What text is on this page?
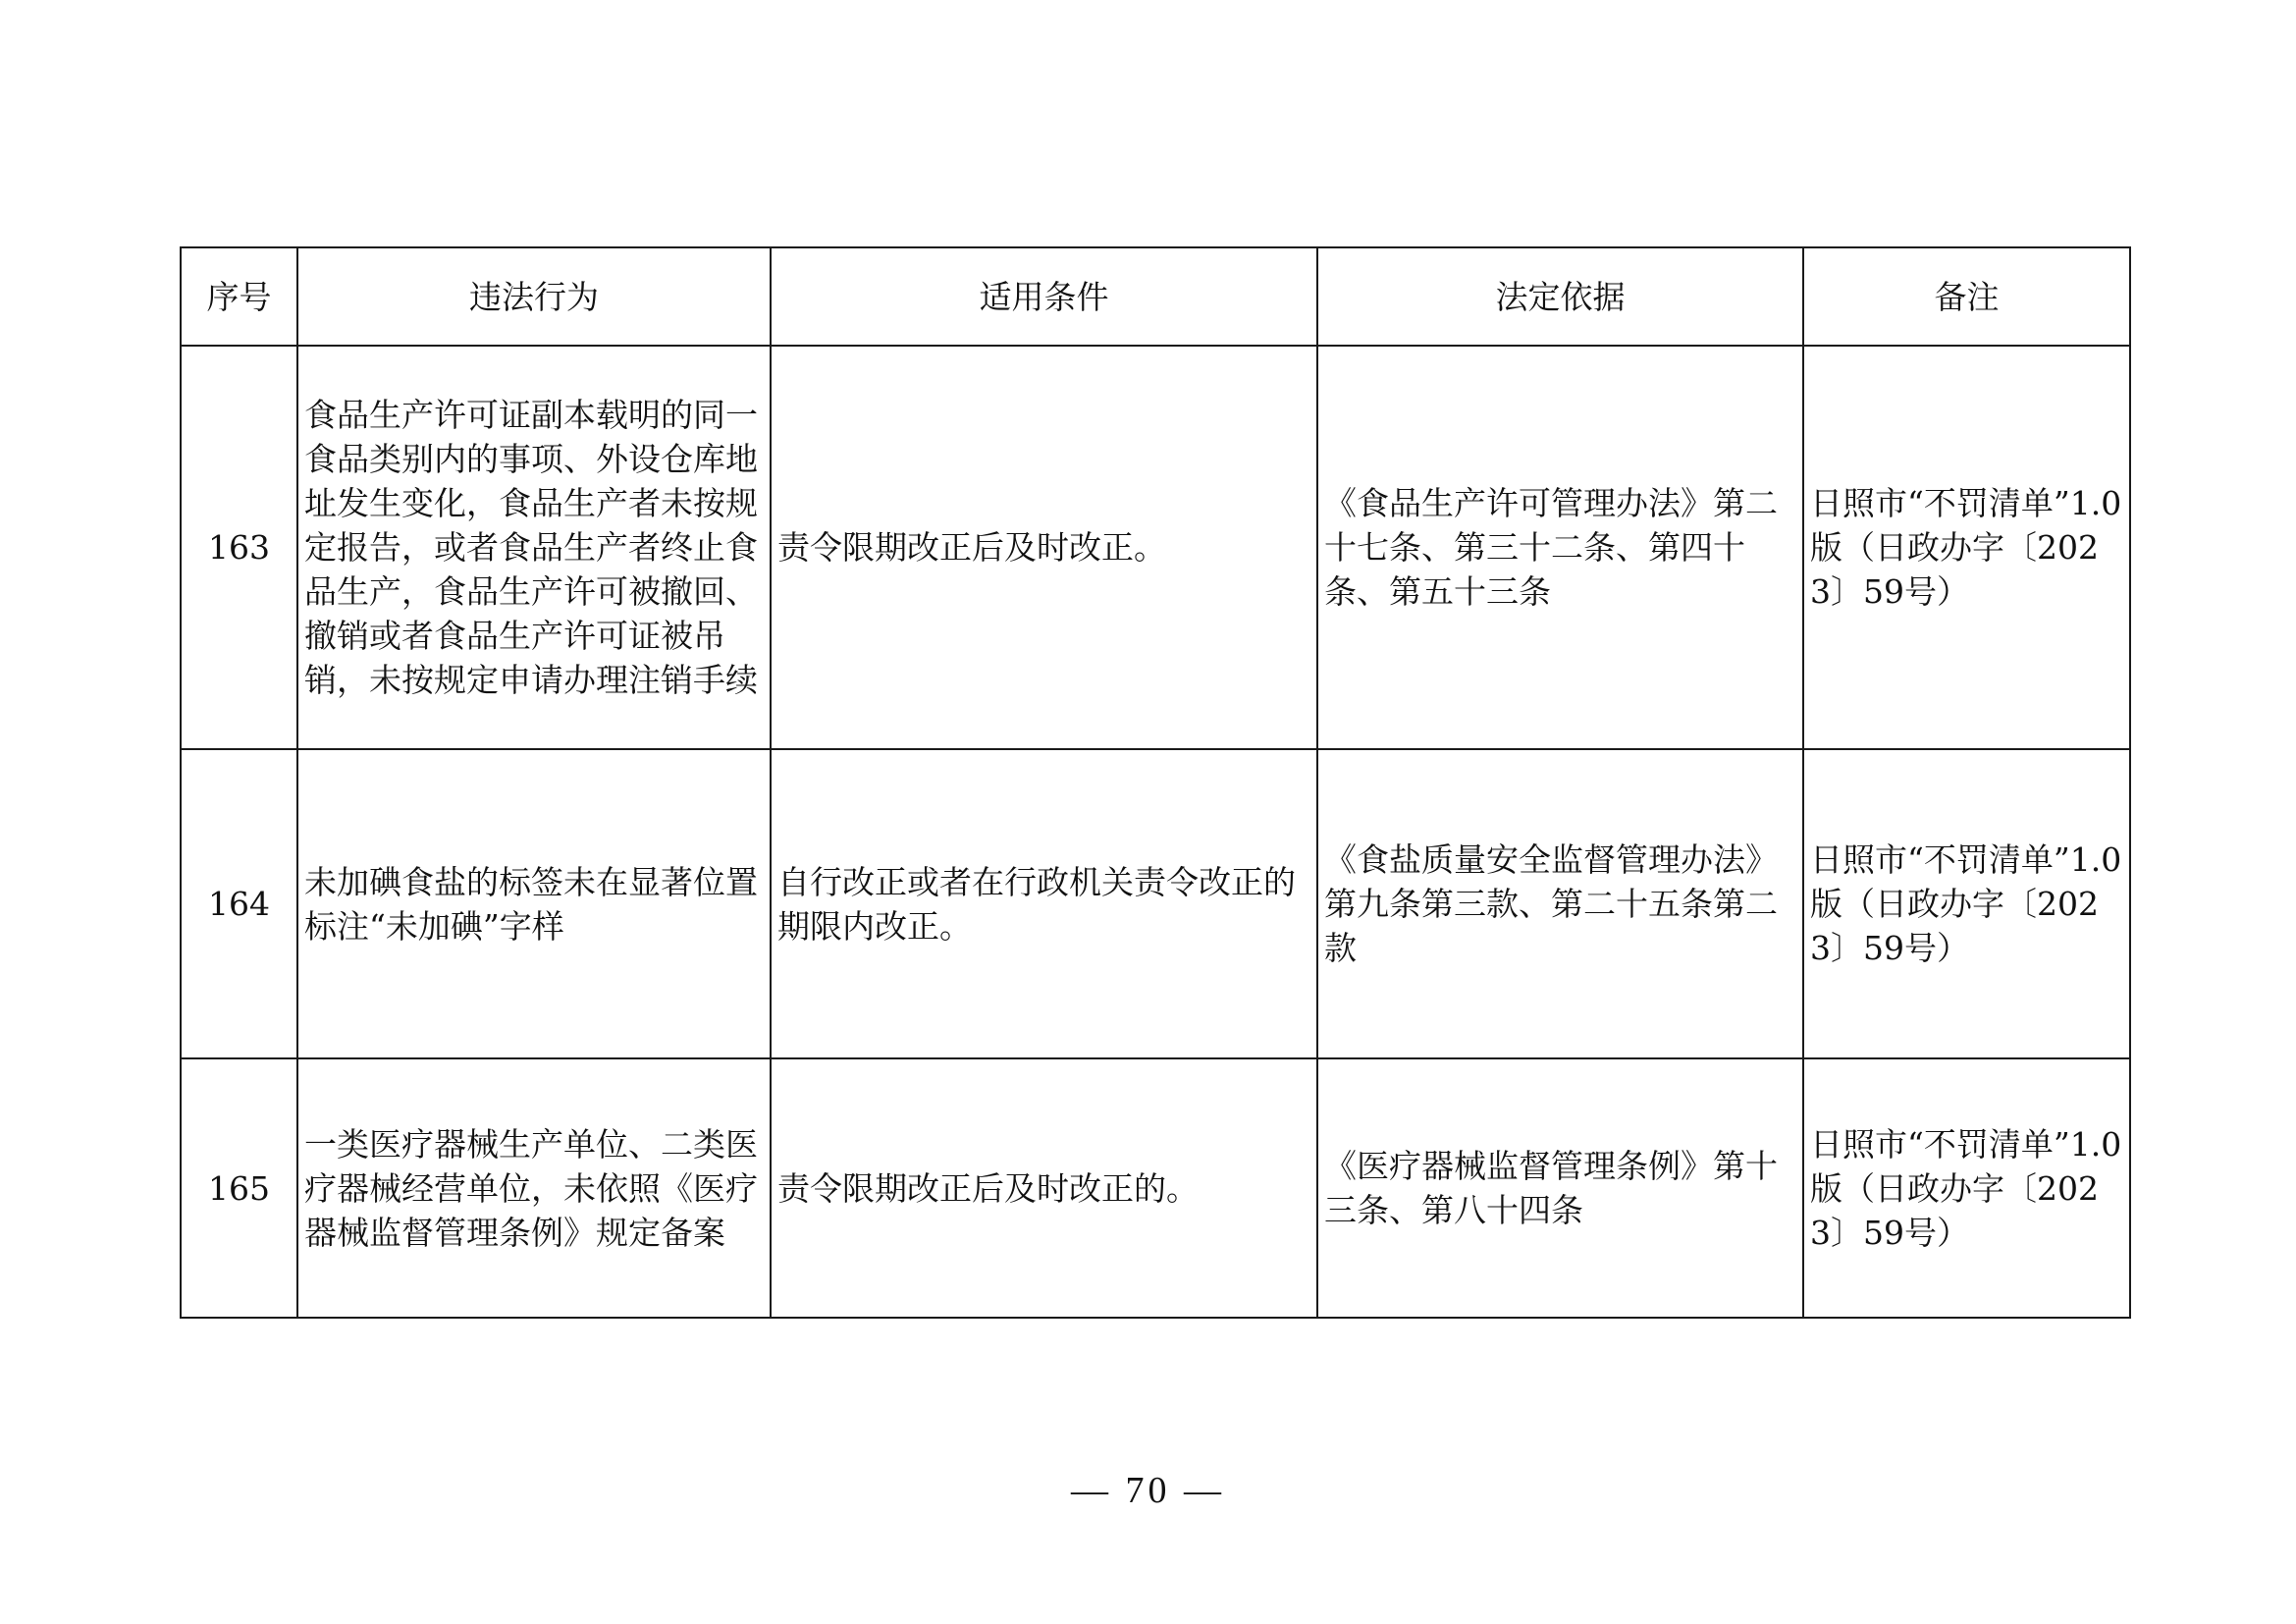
序号	违法行为	适用条件	法定依据	备注
163	食品生产许可证副本载明的同一食品类别内的事项、外设仓库地址发生变化，食品生产者未按规定报告，或者食品生产者终止食品生产，食品生产许可被撤回、撤销或者食品生产许可证被吊销，未按规定申请办理注销手续	责令限期改正后及时改正。	《食品生产许可管理办法》第二十七条、第三十二条、第四十条、第五十三条	日照市“不罚清单”1.0版（日政办字〔2023〕59号）
164	未加碘食盐的标签未在显著位置标注“未加碘”字样	自行改正或者在行政机关责令改正的期限内改正。	《食盐质量安全监督管理办法》第九条第三款、第二十五条第二款	日照市“不罚清单”1.0版（日政办字〔2023〕59号）
165	一类医疗器械生产单位、二类医疗器械经营单位，未依照《医疗器械监督管理条例》规定备案	责令限期改正后及时改正的。	《医疗器械监督管理条例》第十三条、第八十四条	日照市“不罚清单”1.0版（日政办字〔2023〕59号）
— 70 —
